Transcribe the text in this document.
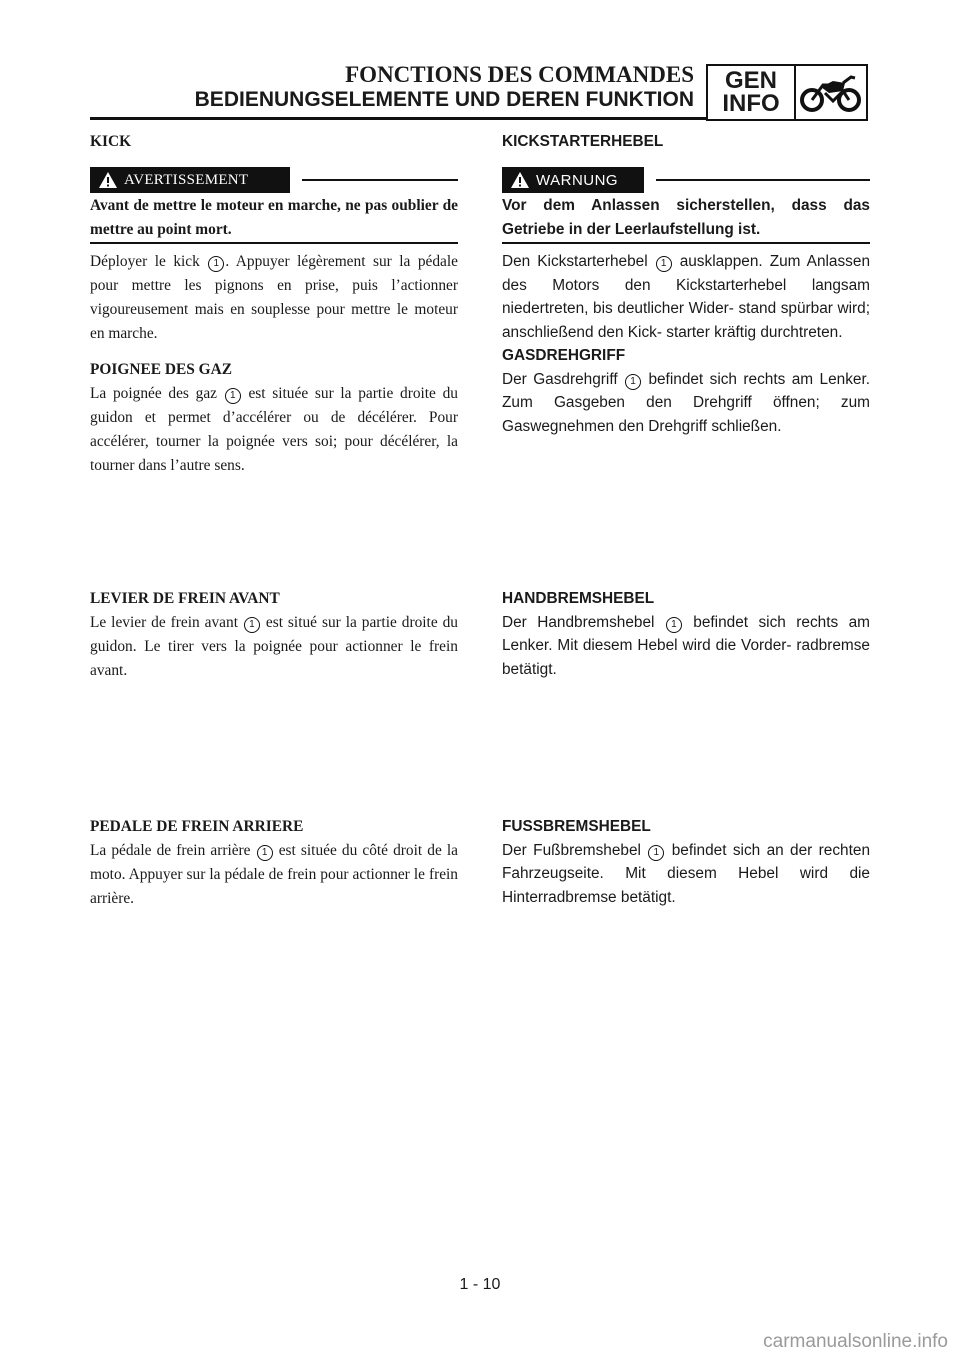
FONCTIONS DES COMMANDES
BEDIENUNGSELEMENTE UND DEREN FUNKTION
GEN
INFO
KICK
AVERTISSEMENT
Avant de mettre le moteur en marche, ne pas oublier de mettre au point mort.
Déployer le kick 1 . Appuyer légèrement sur la pédale pour mettre les pignons en prise, puis l’actionner vigoureusement mais en souplesse pour mettre le moteur en marche.
POIGNEE DES GAZ
La poignée des gaz 1 est située sur la partie droite du guidon et permet d’accélérer ou de décélérer. Pour accélérer, tourner la poignée vers soi; pour décélérer, la tourner dans l’autre sens.
LEVIER DE FREIN AVANT
Le levier de frein avant 1 est situé sur la partie droite du guidon. Le tirer vers la poignée pour actionner le frein avant.
PEDALE DE FREIN ARRIERE
La pédale de frein arrière 1 est située du côté droit de la moto. Appuyer sur la pédale de frein pour actionner le frein arrière.
KICKSTARTERHEBEL
WARNUNG
Vor dem Anlassen sicherstellen, dass das Getriebe in der Leerlaufstellung ist.
Den Kickstarterhebel 1 ausklappen. Zum Anlassen des Motors den Kickstarterhebel langsam niedertreten, bis deutlicher Wider- stand spürbar wird; anschließend den Kick- starter kräftig durchtreten.
GASDREHGRIFF
Der Gasdrehgriff 1 befindet sich rechts am Lenker. Zum Gasgeben den Drehgriff öffnen; zum Gaswegnehmen den Drehgriff schließen.
HANDBREMSHEBEL
Der Handbremshebel 1 befindet sich rechts am Lenker. Mit diesem Hebel wird die Vorder- radbremse betätigt.
FUSSBREMSHEBEL
Der Fußbremshebel 1 befindet sich an der rechten Fahrzeugseite. Mit diesem Hebel wird die Hinterradbremse betätigt.
1 - 10
carmanualsonline.info
